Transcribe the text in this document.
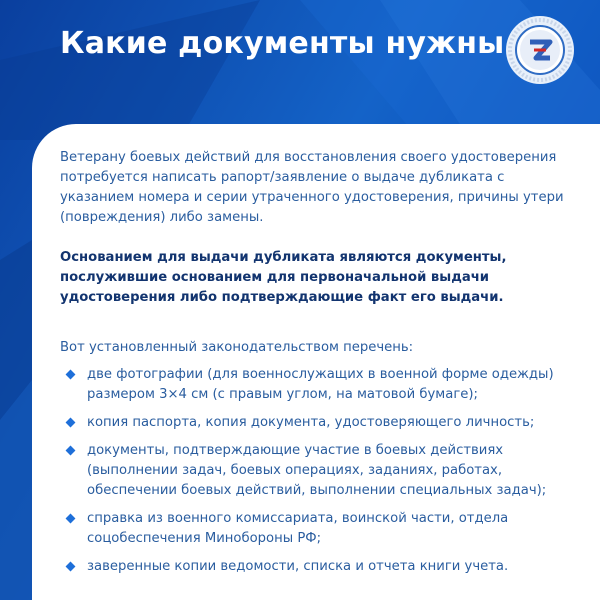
Какие документы нужны

Ветерану боевых действий для восстановления своего удостоверения потребуется написать рапорт/заявление о выдаче дубликата с указанием номера и серии утраченного удостоверения, причины утери (повреждения) либо замены.

Основанием для выдачи дубликата являются документы, послужившие основанием для первоначальной выдачи удостоверения либо подтверждающие факт его выдачи.

Вот установленный законодательством перечень:

две фотографии (для военнослужащих в военной форме одежды) размером 3×4 см (с правым углом, на матовой бумаге);
копия паспорта, копия документа, удостоверяющего личность;
документы, подтверждающие участие в боевых действиях (выполнении задач, боевых операциях, заданиях, работах, обеспечении боевых действий, выполнении специальных задач);
справка из военного комиссариата, воинской части, отдела соцобеспечения Минобороны РФ;
заверенные копии ведомости, списка и отчета книги учета.
